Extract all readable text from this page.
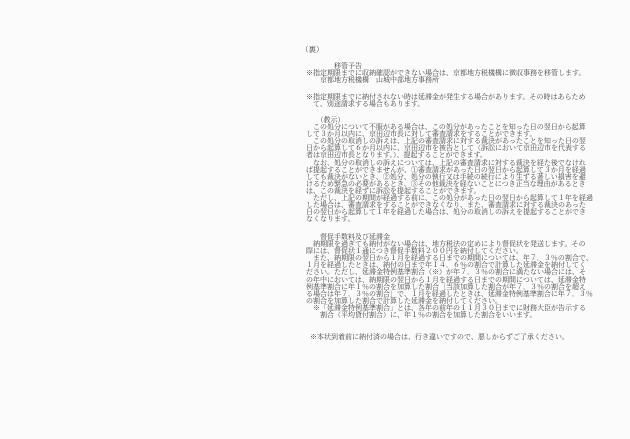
（裏）
　　　　移管予告
※指定期限までに収納確認ができない場合は、京都地方税機構に徴収事務を移管します。
　　京都地方税機構　山城中部地方事務所
※指定期限までに納付されない時は延滞金が発生する場合があります。その時はあらため
　て、別途請求する場合もあります。
　　（教示）
　この処分について不服がある場合は、この処分があったことを知った日の翌日から起算
して３か月以内に、京田辺市長に対して審査請求をすることができます。
　この処分の取消しの訴えは、上記の審査請求に対する裁決があったことを知った日の翌
日から起算して６か月以内に、京田辺市を被告として（訴訟において京田辺市を代表する
者は京田辺市長となります。）、提起することができます。
　なお、処分の取消しの訴えについては、上記の審査請求に対する裁決を経た後でなけれ
ば提起することができませんが、①審査請求があった日の翌日から起算して３か月を経過
しても裁決がないとき、②処分、処分の執行又は手続の続行により生ずる著しい損害を避
けるため緊急の必要があるとき、③その他裁決を経ないことにつき正当な理由があるとき
は、この裁決を経ずに訴訟を提起することができます。
　ただし、上記の期間が経過する前に、この処分があった日の翌日から起算して１年を経過
した場合は、審査請求をすることができなくなり、また、審査請求に対する裁決のあった
日の翌日から起算して１年を経過した場合は、処分の取消しの訴えを提起することができ
なくなります。
　　督促手数料及び延滞金
　納期限を過ぎても納付がない場合は、地方税法の定めにより督促状を発送します。その
際には、督促状１通につき督促手数料２００円を納付してください。
　また、納期限の翌日から１月を経過する日までの期間については、年７．３％の割合で、
１月を経過したときは、納付の日まで年１４．６％の割合で計算した延滞金を納付してく
ださい。ただし、延滞金特例基準割合（※）が年７．３％の割合に満たない場合には、そ
の年中においては、納期限の翌日から１月を経過する日までの期間については、延滞金特
例基準割合に年１％の割合を加算した割合〔当該加算した割合が年７．３％の割合を超え
る場合は年７．３％の割合〕で、１月を経過したときは、延滞金特例基準割合に年７．３％
の割合を加算した割合で計算した延滞金を納付してください。
　※「延滞金特例基準割合」とは、各年の前年の１１月３０日までに財務大臣が告示する
　　割合（平均貸付割合）に、年１％の割合を加算した割合をいいます。
※本状到着前に納付済の場合は、行き違いですので、悪しからずご了承ください。
